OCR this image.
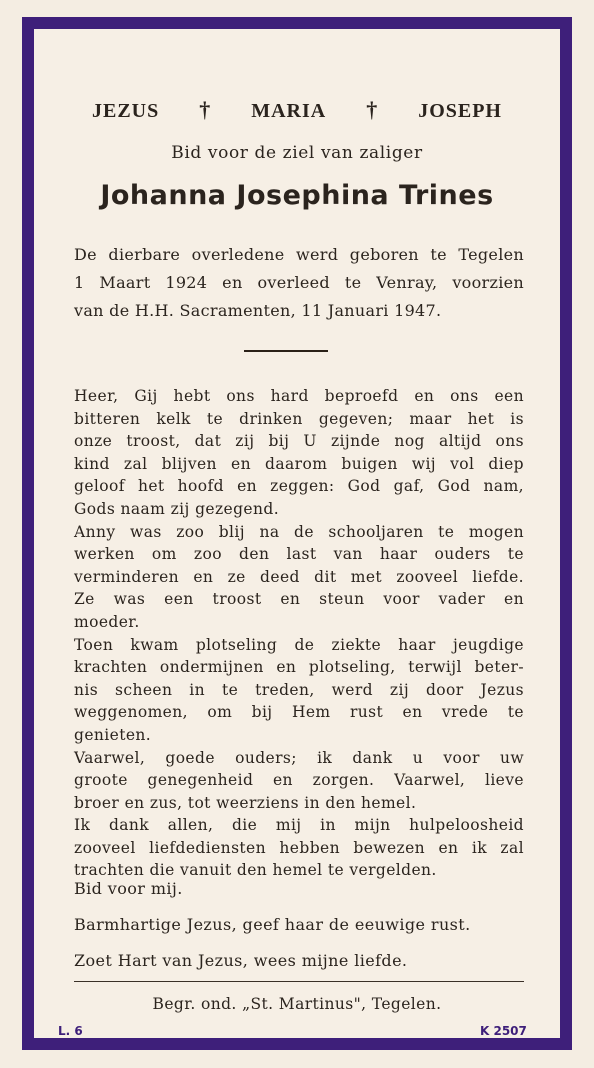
JEZUS † MARIA † JOSEPH
Bid voor de ziel van zaliger
Johanna Josephina Trines
De dierbare overledene werd geboren te Tegelen
1 Maart 1924 en overleed te Venray, voorzien
van de H.H. Sacramenten, 11 Januari 1947.
Heer, Gij hebt ons hard beproefd en ons een
bitteren kelk te drinken gegeven; maar het is
onze troost, dat zij bij U zijnde nog altijd ons
kind zal blijven en daarom buigen wij vol diep
geloof het hoofd en zeggen: God gaf, God nam,
Gods naam zij gezegend.
Anny was zoo blij na de schooljaren te mogen
werken om zoo den last van haar ouders te
verminderen en ze deed dit met zooveel liefde.
Ze was een troost en steun voor vader en
moeder.
Toen kwam plotseling de ziekte haar jeugdige
krachten ondermijnen en plotseling, terwijl beter-
nis scheen in te treden, werd zij door Jezus
weggenomen, om bij Hem rust en vrede te
genieten.
Vaarwel, goede ouders; ik dank u voor uw
groote genegenheid en zorgen. Vaarwel, lieve
broer en zus, tot weerziens in den hemel.
Ik dank allen, die mij in mijn hulpeloosheid
zooveel liefdediensten hebben bewezen en ik zal
trachten die vanuit den hemel te vergelden.
Bid voor mij.
Barmhartige Jezus, geef haar de eeuwige rust.
Zoet Hart van Jezus, wees mijne liefde.
Begr. ond. „St. Martinus", Tegelen.
L. 6	K 2507
